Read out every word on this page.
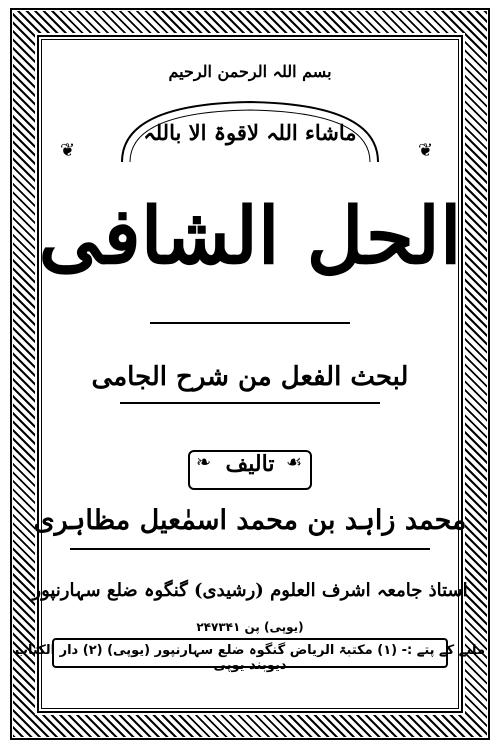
بسم اللہ الرحمن الرحیم
ماشاء اللہ لاقوۃ الا باللہ
❦	❦
الحل الشافی
لبحث الفعل من شرح الجامی
❧	☙
تالیف
محمد زاہد بن محمد اسمٰعیل مظاہری
استاذ جامعہ اشرف العلوم (رشیدی) گنگوہ ضلع سہارنپور
(یوپی) پن ۲۴۷۳۴۱
ملنے کے پتے :- (۱) مکتبۃ الریاض گنگوہ ضلع سہارنپور (یوپی) (۲) دار الکتاب دیوبند یوپی
